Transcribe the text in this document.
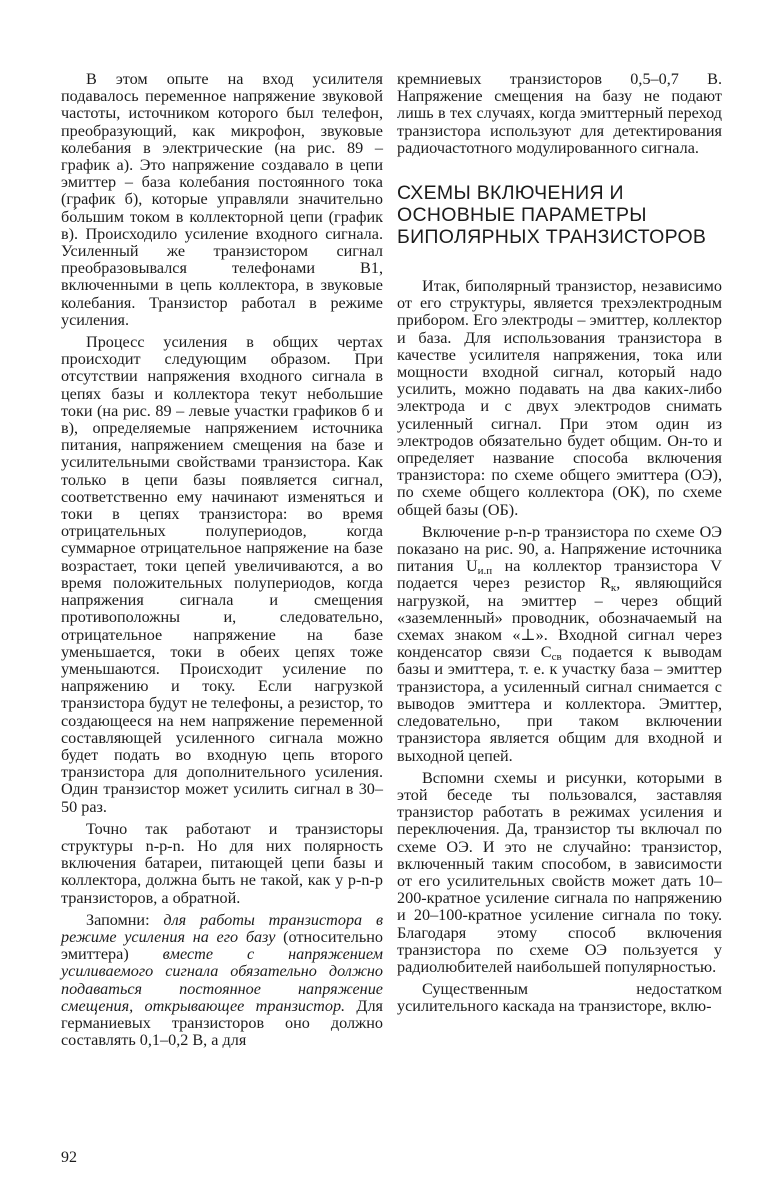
В этом опыте на вход усилителя подавалось переменное напряжение звуковой частоты, источником которого был телефон, преобразующий, как микрофон, звуковые колебания в электрические (на рис. 89 – график а). Это напряжение создавало в цепи эмиттер – база колебания постоянного тока (график б), которые управляли значительно бо́льшим током в коллекторной цепи (график в). Происходило усиление входного сигнала. Усиленный же транзистором сигнал преобразовывался телефонами В1, включенными в цепь коллектора, в звуковые колебания. Транзистор работал в режиме усиления.

Процесс усиления в общих чертах происходит следующим образом. При отсутствии напряжения входного сигнала в цепях базы и коллектора текут небольшие токи (на рис. 89 – левые участки графиков б и в), определяемые напряжением источника питания, напряжением смещения на базе и усилительными свойствами транзистора. Как только в цепи базы появляется сигнал, соответственно ему начинают изменяться и токи в цепях транзистора: во время отрицательных полупериодов, когда суммарное отрицательное напряжение на базе возрастает, токи цепей увеличиваются, а во время положительных полупериодов, когда напряжения сигнала и смещения противоположны и, следовательно, отрицательное напряжение на базе уменьшается, токи в обеих цепях тоже уменьшаются. Происходит усиление по напряжению и току. Если нагрузкой транзистора будут не телефоны, а резистор, то создающееся на нем напряжение переменной составляющей усиленного сигнала можно будет подать во входную цепь второго транзистора для дополнительного усиления. Один транзистор может усилить сигнал в 30–50 раз.

Точно так работают и транзисторы структуры n-p-n. Но для них полярность включения батареи, питающей цепи базы и коллектора, должна быть не такой, как у p-n-p транзисторов, а обратной.

Запомни: для работы транзистора в режиме усиления на его базу (относительно эмиттера) вместе с напряжением усиливаемого сигнала обязательно должно подаваться постоянное напряжение смещения, открывающее транзистор. Для германиевых транзисторов оно должно составлять 0,1–0,2 В, а для

кремниевых транзисторов 0,5–0,7 В. Напряжение смещения на базу не подают лишь в тех случаях, когда эмиттерный переход транзистора используют для детектирования радиочастотного модулированного сигнала.

СХЕМЫ ВКЛЮЧЕНИЯ И ОСНОВНЫЕ ПАРАМЕТРЫ БИПОЛЯРНЫХ ТРАНЗИСТОРОВ

Итак, биполярный транзистор, независимо от его структуры, является трехэлектродным прибором. Его электроды – эмиттер, коллектор и база. Для использования транзистора в качестве усилителя напряжения, тока или мощности входной сигнал, который надо усилить, можно подавать на два каких-либо электрода и с двух электродов снимать усиленный сигнал. При этом один из электродов обязательно будет общим. Он-то и определяет название способа включения транзистора: по схеме общего эмиттера (ОЭ), по схеме общего коллектора (ОК), по схеме общей базы (ОБ).

Включение p-n-p транзистора по схеме ОЭ показано на рис. 90, а. Напряжение источника питания $U_{и.п}$ на коллектор транзистора V подается через резистор $R_к$, являющийся нагрузкой, на эмиттер – через общий «заземленный» проводник, обозначаемый на схемах знаком «⊥». Входной сигнал через конденсатор связи $С_{св}$ подается к выводам базы и эмиттера, т. е. к участку база – эмиттер транзистора, а усиленный сигнал снимается с выводов эмиттера и коллектора. Эмиттер, следовательно, при таком включении транзистора является общим для входной и выходной цепей.

Вспомни схемы и рисунки, которыми в этой беседе ты пользовался, заставляя транзистор работать в режимах усиления и переключения. Да, транзистор ты включал по схеме ОЭ. И это не случайно: транзистор, включенный таким способом, в зависимости от его усилительных свойств может дать 10–200-кратное усиление сигнала по напряжению и 20–100-кратное усиление сигнала по току. Благодаря этому способ включения транзистора по схеме ОЭ пользуется у радиолюбителей наибольшей популярностью.

Существенным недостатком усилительного каскада на транзисторе, вклю-

92
